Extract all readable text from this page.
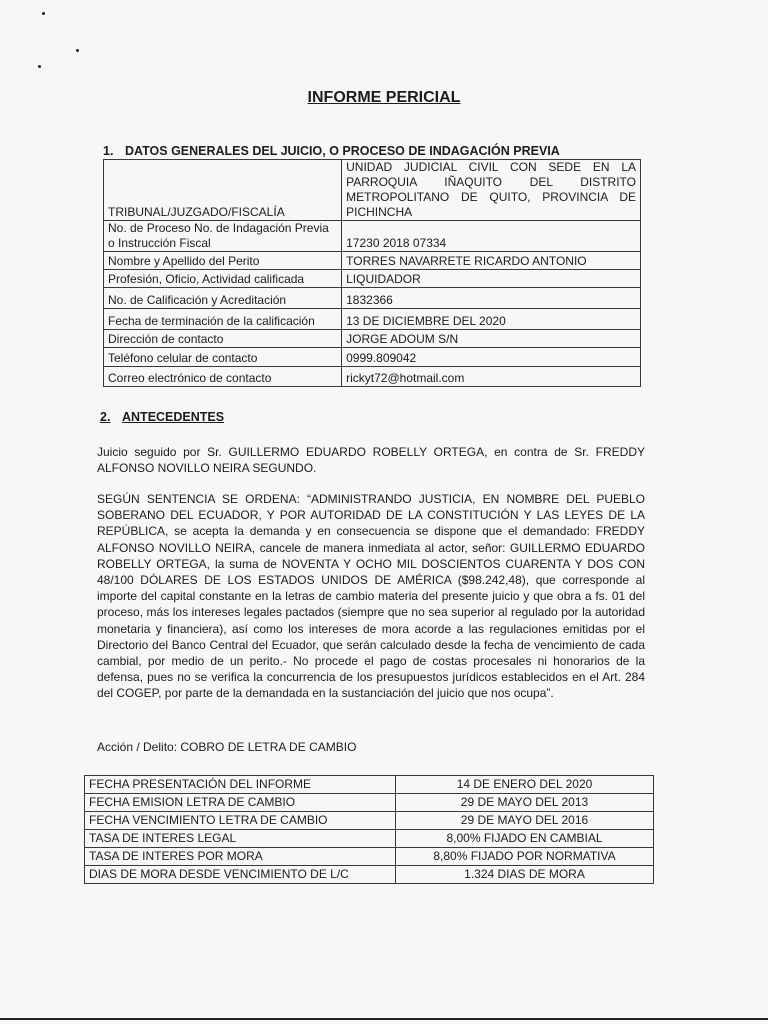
INFORME PERICIAL
1. DATOS GENERALES DEL JUICIO, O PROCESO DE INDAGACIÓN PREVIA
TRIBUNAL/JUZGADO/FISCALÍA	UNIDAD JUDICIAL CIVIL CON SEDE EN LA
PARROQUIA IÑAQUITO DEL DISTRITO
METROPOLITANO DE QUITO, PROVINCIA DE
PICHINCHA

No. de Proceso No. de Indagación Previa o Instrucción Fiscal	17230 2018 07334
Nombre y Apellido del Perito	TORRES NAVARRETE RICARDO ANTONIO
Profesión, Oficio, Actividad calificada	LIQUIDADOR
No. de Calificación y Acreditación	1832366
Fecha de terminación de la calificación	13 DE DICIEMBRE DEL 2020
Dirección de contacto	JORGE ADOUM S/N
Teléfono celular de contacto	0999.809042
Correo electrónico de contacto	rickyt72@hotmail.com
2. ANTECEDENTES
Juicio seguido por Sr. GUILLERMO EDUARDO ROBELLY ORTEGA, en contra de Sr. FREDDY ALFONSO NOVILLO NEIRA SEGUNDO.
SEGÚN SENTENCIA SE ORDENA: “ADMINISTRANDO JUSTICIA, EN NOMBRE DEL PUEBLO SOBERANO DEL ECUADOR, Y POR AUTORIDAD DE LA CONSTITUCIÓN Y LAS LEYES DE LA REPÚBLICA, se acepta la demanda y en consecuencia se dispone que el demandado: FREDDY ALFONSO NOVILLO NEIRA, cancele de manera inmediata al actor, señor: GUILLERMO EDUARDO ROBELLY ORTEGA, la suma de NOVENTA Y OCHO MIL DOSCIENTOS CUARENTA Y DOS CON 48/100 DÓLARES DE LOS ESTADOS UNIDOS DE AMÉRICA ($98.242,48), que corresponde al importe del capital constante en la letras de cambio materia del presente juicio y que obra a fs. 01 del proceso, más los intereses legales pactados (siempre que no sea superior al regulado por la autoridad monetaria y financiera), así como los intereses de mora acorde a las regulaciones emitidas por el Directorio del Banco Central del Ecuador, que serán calculado desde la fecha de vencimiento de cada cambial, por medio de un perito.- No procede el pago de costas procesales ni honorarios de la defensa, pues no se verifica la concurrencia de los presupuestos jurídicos establecidos en el Art. 284 del COGEP, por parte de la demandada en la sustanciación del juicio que nos ocupa”.
Acción / Delito: COBRO DE LETRA DE CAMBIO
FECHA PRESENTACIÓN DEL INFORME	14 DE ENERO DEL 2020
FECHA EMISION LETRA DE CAMBIO	29 DE MAYO DEL 2013
FECHA VENCIMIENTO LETRA DE CAMBIO	29 DE MAYO DEL 2016
TASA DE INTERES LEGAL	8,00% FIJADO EN CAMBIAL
TASA DE INTERES POR MORA	8,80% FIJADO POR NORMATIVA
DIAS DE MORA DESDE VENCIMIENTO DE L/C	1.324 DIAS DE MORA
